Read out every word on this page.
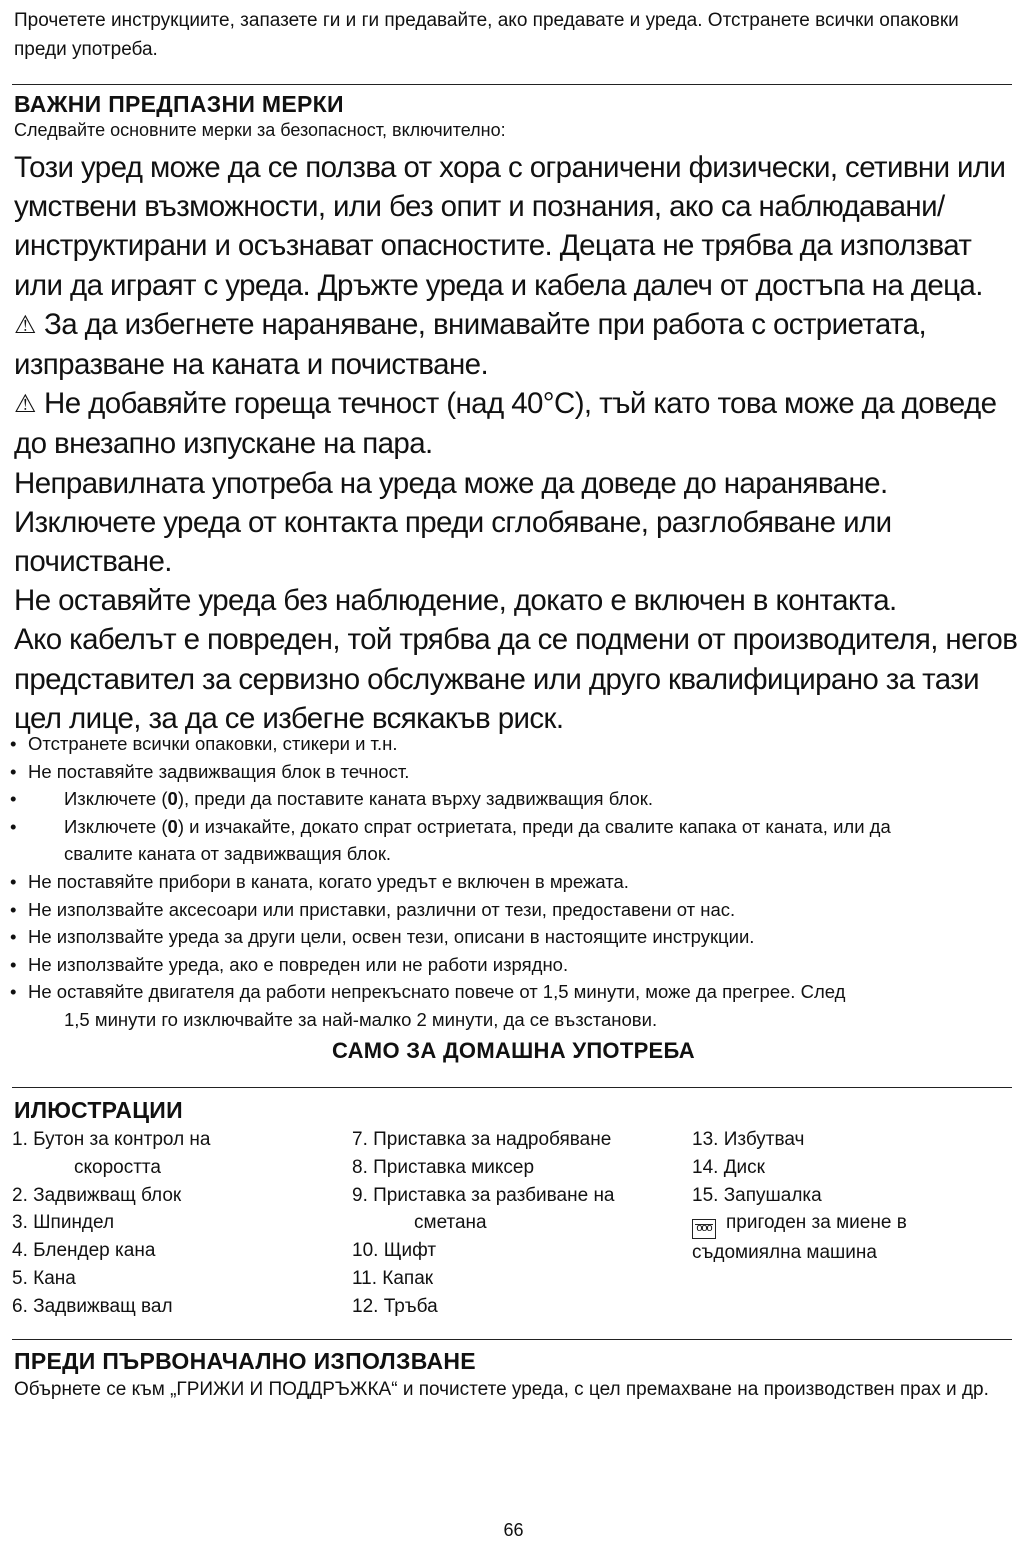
Прочетете инструкциите, запазете ги и ги предавайте, ако предавате и уреда. Отстранете всички опаковки преди употреба.
ВАЖНИ ПРЕДПАЗНИ МЕРКИ
Следвайте основните мерки за безопасност, включително:

Този уред може да се ползва от хора с ограничени физически, сетивни или умствени възможности, или без опит и познания, ако са наблюдавани/ инструктирани и осъзнават опасностите. Децата не трябва да използват или да играят с уреда. Дръжте уреда и кабела далеч от достъпа на деца.

⚠ За да избегнете нараняване, внимавайте при работа с остриетата, изпразване на каната и почистване.

⚠ Не добавяйте гореща течност (над 40°C), тъй като това може да доведе до внезапно изпускане на пара.

Неправилната употреба на уреда може да доведе до нараняване.

Изключете уреда от контакта преди сглобяване, разглобяване или почистване.

Не оставяйте уреда без наблюдение, докато е включен в контакта.

Ако кабелът е повреден, той трябва да се подмени от производителя, негов представител за сервизно обслужване или друго квалифицирано за тази цел лице, за да се избегне всякакъв риск.

• Отстранете всички опаковки, стикери и т.н.
• Не поставяйте задвижващия блок в течност.
•	Изключете (0), преди да поставите каната върху задвижващия блок.
•	Изключете (0) и изчакайте, докато спрат остриетата, преди да свалите капака от каната, или да
свалите каната от задвижващия блок.
• Не поставяйте прибори в каната, когато уредът е включен в мрежата.
• Не използвайте аксесоари или приставки, различни от тези, предоставени от нас.
• Не използвайте уреда за други цели, освен тези, описани в настоящите инструкции.
• Не използвайте уреда, ако е повреден или не работи изрядно.
• Не оставяйте двигателя да работи непрекъснато повече от 1,5 минути, може да прегрее. След
1,5 минути го изключвайте за най-малко 2 минути, да се възстанови.
САМО ЗА ДОМАШНА УПОТРЕБА
ИЛЮСТРАЦИИ
1. Бутон за контрол на
скоростта
2. Задвижващ блок
3. Шпиндел
4. Блендер кана
5. Кана
6. Задвижващ вал
7. Приставка за надробяване
8. Приставка миксер
9. Приставка за разбиване на
сметана
10. Щифт
11. Капак
12. Тръба
13. Избутвач
14. Диск
15. Запушалка
ooo пригоден за миене в
съдомиялна машина
ПРЕДИ ПЪРВОНАЧАЛНО ИЗПОЛЗВАНЕ
Обърнете се към „ГРИЖИ И ПОДДРЪЖКА“ и почистете уреда, с цел премахване на производствен прах и др.
66
